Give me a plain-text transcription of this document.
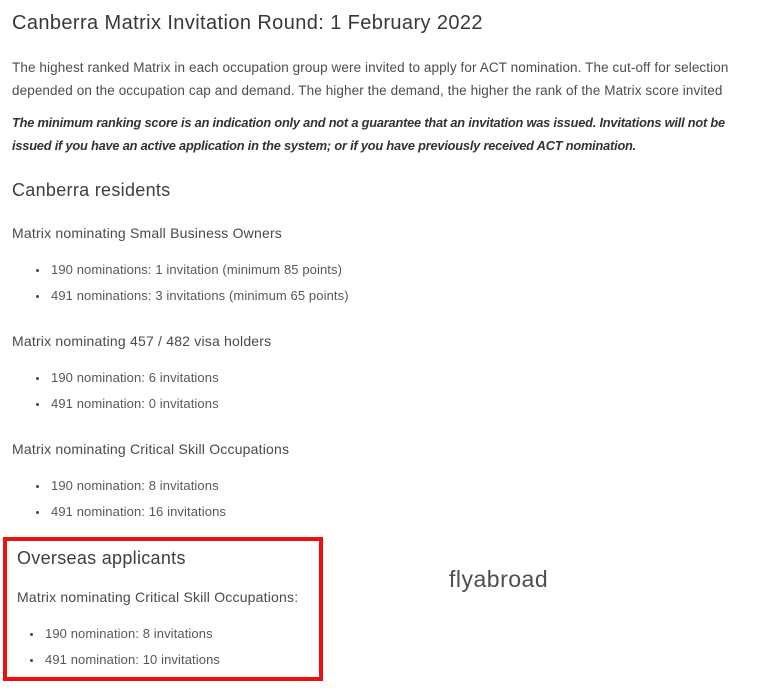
Canberra Matrix Invitation Round: 1 February 2022

The highest ranked Matrix in each occupation group were invited to apply for ACT nomination. The cut-off for selection depended on the occupation cap and demand. The higher the demand, the higher the rank of the Matrix score invited

The minimum ranking score is an indication only and not a guarantee that an invitation was issued. Invitations will not be issued if you have an active application in the system; or if you have previously received ACT nomination.

Canberra residents
Matrix nominating Small Business Owners
• 190 nominations: 1 invitation (minimum 85 points)
• 491 nominations: 3 invitations (minimum 65 points)
Matrix nominating 457 / 482 visa holders
• 190 nomination: 6 invitations
• 491 nomination: 0 invitations
Matrix nominating Critical Skill Occupations
• 190 nomination: 8 invitations
• 491 nomination: 16 invitations
Overseas applicants
Matrix nominating Critical Skill Occupations:
• 190 nomination: 8 invitations
• 491 nomination: 10 invitations
flyabroad
